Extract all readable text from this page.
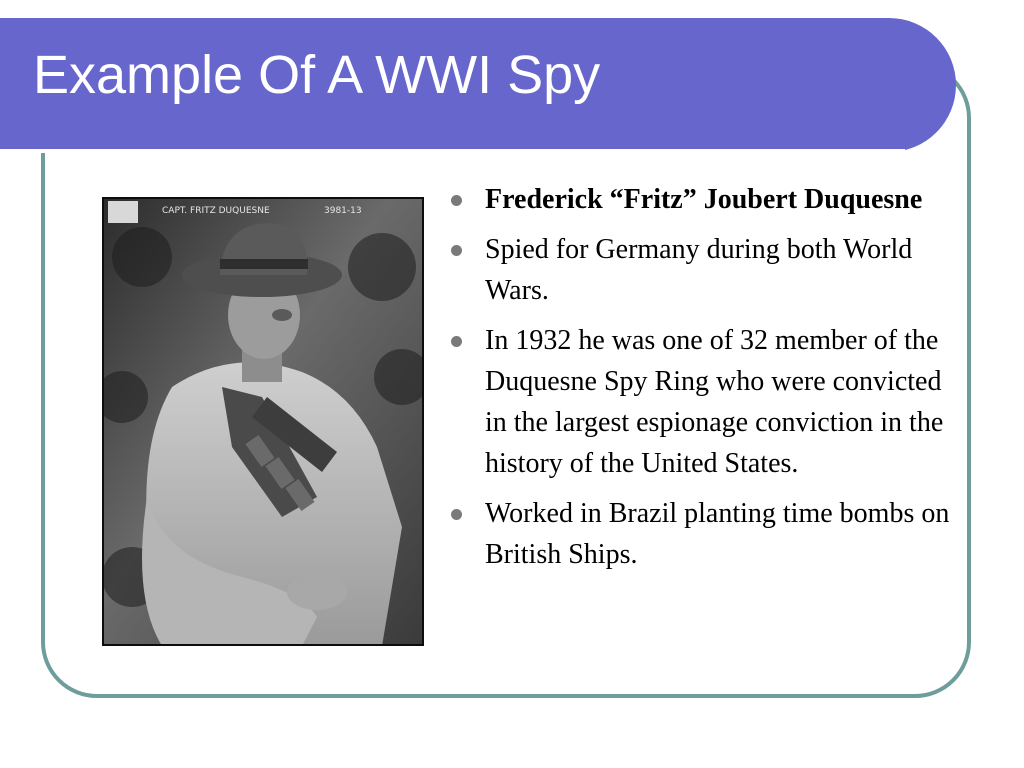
Example Of A WWI Spy
CAPT. FRITZ DUQUESNE	3981-13	Frederick “Fritz” Joubert Duquesne
Spied for Germany during both World Wars.
In 1932 he was one of 32 member of the Duquesne Spy Ring who were convicted in the largest espionage conviction in the history of the United States.
Worked in Brazil planting time bombs on British Ships.
